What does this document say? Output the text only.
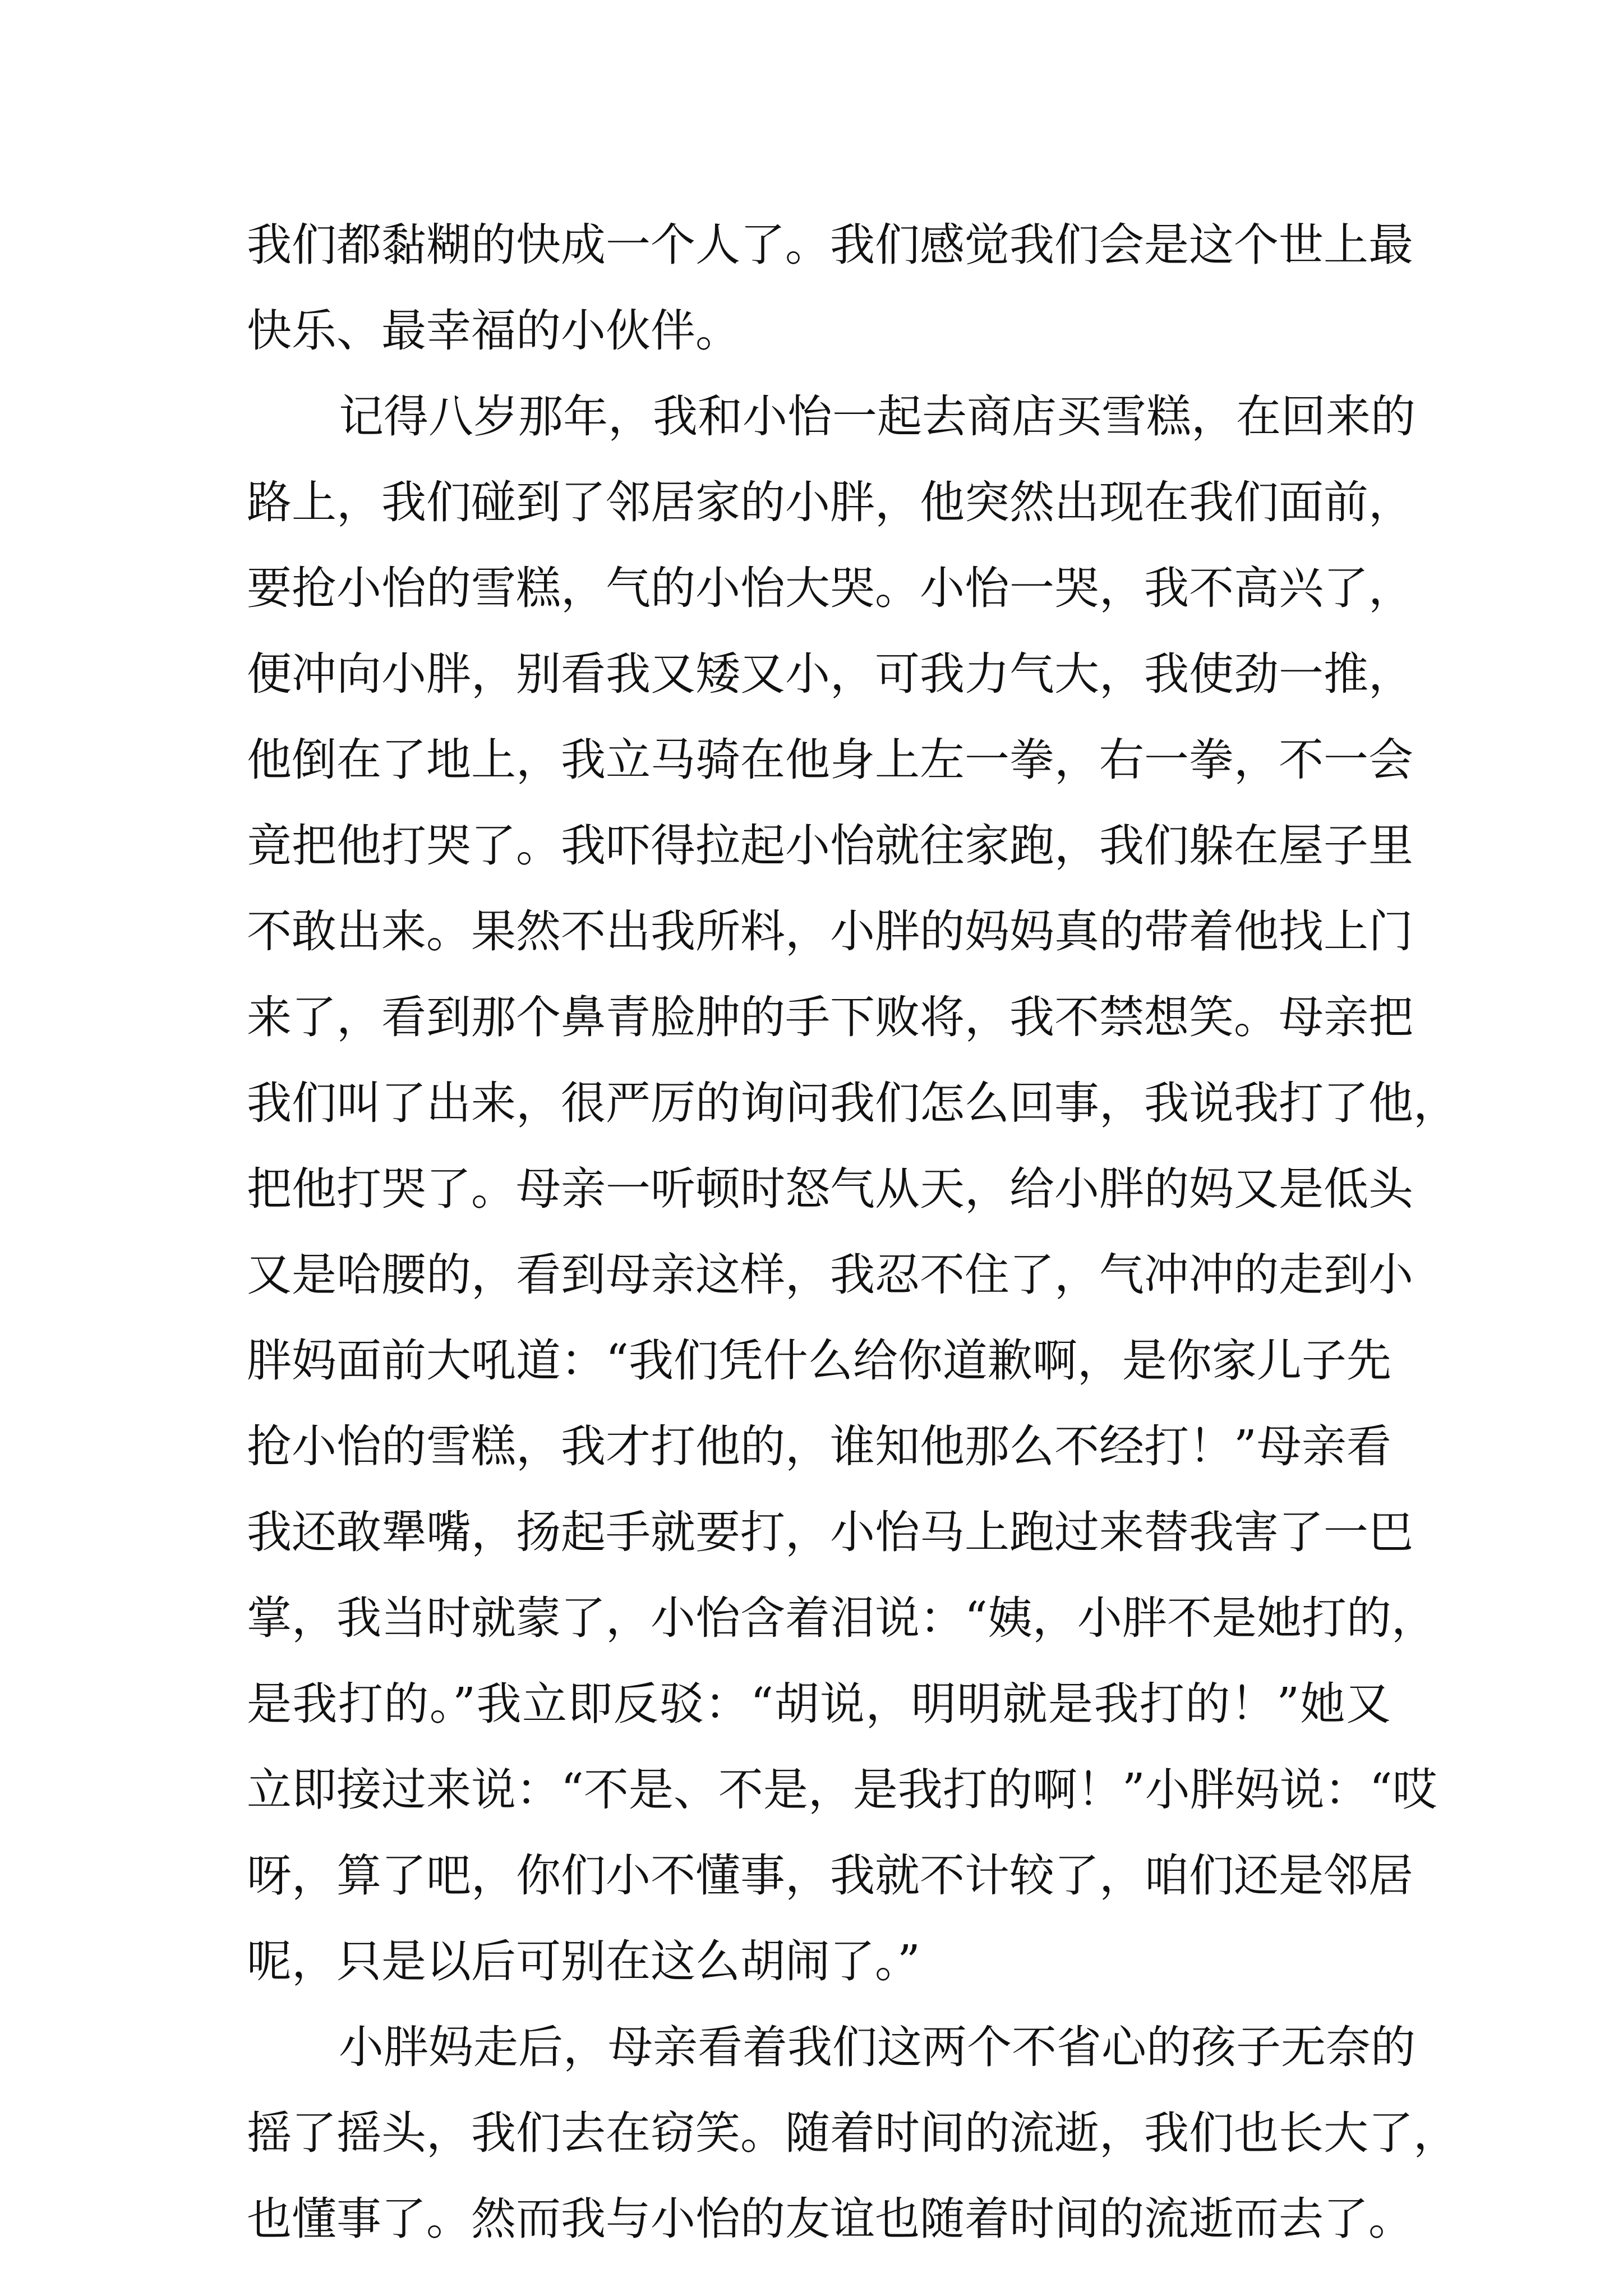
我们都黏糊的快成一个人了。我们感觉我们会是这个世上最
快乐、最幸福的小伙伴。
记得八岁那年，我和小怡一起去商店买雪糕，在回来的
路上，我们碰到了邻居家的小胖，他突然出现在我们面前，
要抢小怡的雪糕，气的小怡大哭。小怡一哭，我不高兴了，
便冲向小胖，别看我又矮又小，可我力气大，我使劲一推，
他倒在了地上，我立马骑在他身上左一拳，右一拳，不一会
竟把他打哭了。我吓得拉起小怡就往家跑，我们躲在屋子里
不敢出来。果然不出我所料，小胖的妈妈真的带着他找上门
来了，看到那个鼻青脸肿的手下败将，我不禁想笑。母亲把
我们叫了出来，很严厉的询问我们怎么回事，我说我打了他，
把他打哭了。母亲一听顿时怒气从天，给小胖的妈又是低头
又是哈腰的，看到母亲这样，我忍不住了，气冲冲的走到小
胖妈面前大吼道：“我们凭什么给你道歉啊，是你家儿子先
抢小怡的雪糕，我才打他的，谁知他那么不经打！”母亲看
我还敢犟嘴，扬起手就要打，小怡马上跑过来替我害了一巴
掌，我当时就蒙了，小怡含着泪说：“姨，小胖不是她打的，
是我打的。”我立即反驳：“胡说，明明就是我打的！”她又
立即接过来说：“不是、不是，是我打的啊！”小胖妈说：“哎
呀，算了吧，你们小不懂事，我就不计较了，咱们还是邻居
呢，只是以后可别在这么胡闹了。”
小胖妈走后，母亲看着我们这两个不省心的孩子无奈的
摇了摇头，我们去在窃笑。随着时间的流逝，我们也长大了，
也懂事了。然而我与小怡的友谊也随着时间的流逝而去了。
